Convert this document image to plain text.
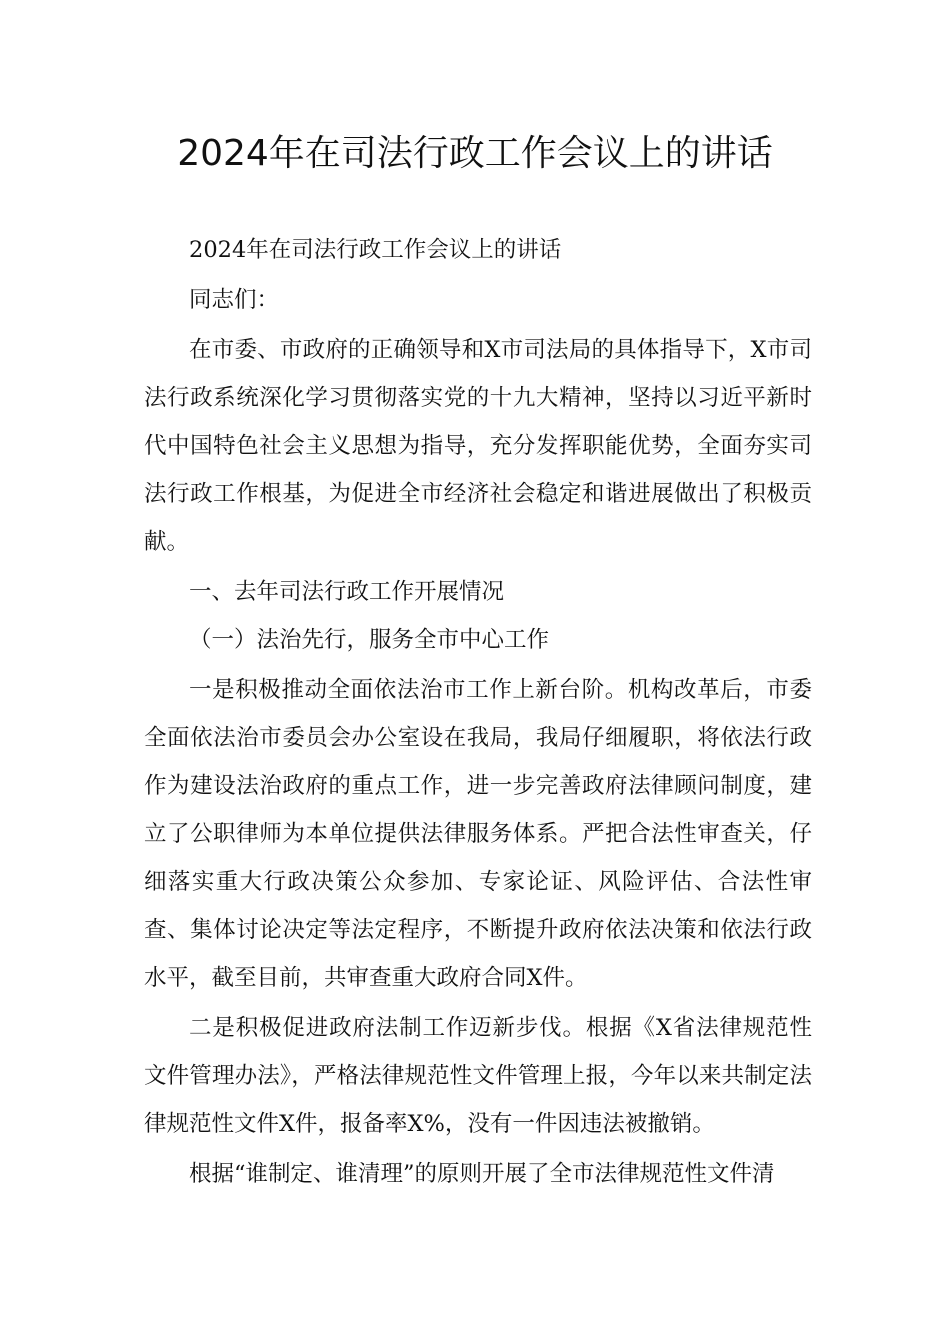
2024年在司法行政工作会议上的讲话

2024年在司法行政工作会议上的讲话

同志们：

在市委、市政府的正确领导和X市司法局的具体指导下，X市司法行政系统深化学习贯彻落实党的十九大精神，坚持以习近平新时代中国特色社会主义思想为指导，充分发挥职能优势，全面夯实司法行政工作根基，为促进全市经济社会稳定和谐进展做出了积极贡献。

一、去年司法行政工作开展情况

（一）法治先行，服务全市中心工作

一是积极推动全面依法治市工作上新台阶。机构改革后，市委全面依法治市委员会办公室设在我局，我局仔细履职，将依法行政作为建设法治政府的重点工作，进一步完善政府法律顾问制度，建立了公职律师为本单位提供法律服务体系。严把合法性审查关，仔细落实重大行政决策公众参加、专家论证、风险评估、合法性审查、集体讨论决定等法定程序，不断提升政府依法决策和依法行政水平，截至目前，共审查重大政府合同X件。

二是积极促进政府法制工作迈新步伐。根据《X省法律规范性文件管理办法》，严格法律规范性文件管理上报，今年以来共制定法律规范性文件X件，报备率X%，没有一件因违法被撤销。

根据“谁制定、谁清理”的原则开展了全市法律规范性文件清
